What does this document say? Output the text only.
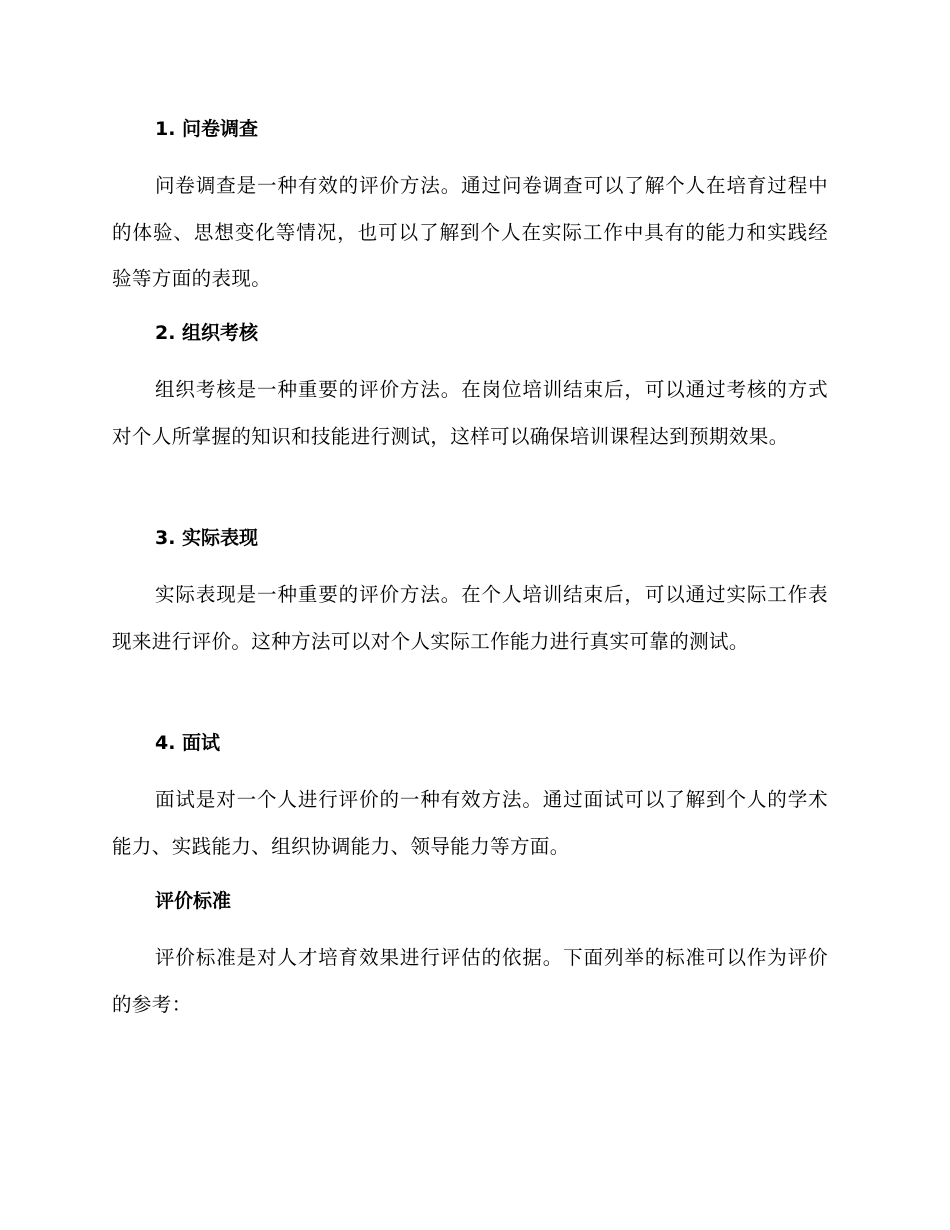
1. 问卷调查
问卷调查是一种有效的评价方法。通过问卷调查可以了解个人在培育过程中的体验、思想变化等情况，也可以了解到个人在实际工作中具有的能力和实践经验等方面的表现。
2. 组织考核
组织考核是一种重要的评价方法。在岗位培训结束后，可以通过考核的方式对个人所掌握的知识和技能进行测试，这样可以确保培训课程达到预期效果。
3. 实际表现
实际表现是一种重要的评价方法。在个人培训结束后，可以通过实际工作表现来进行评价。这种方法可以对个人实际工作能力进行真实可靠的测试。
4. 面试
面试是对一个人进行评价的一种有效方法。通过面试可以了解到个人的学术能力、实践能力、组织协调能力、领导能力等方面。
评价标准
评价标准是对人才培育效果进行评估的依据。下面列举的标准可以作为评价的参考：
